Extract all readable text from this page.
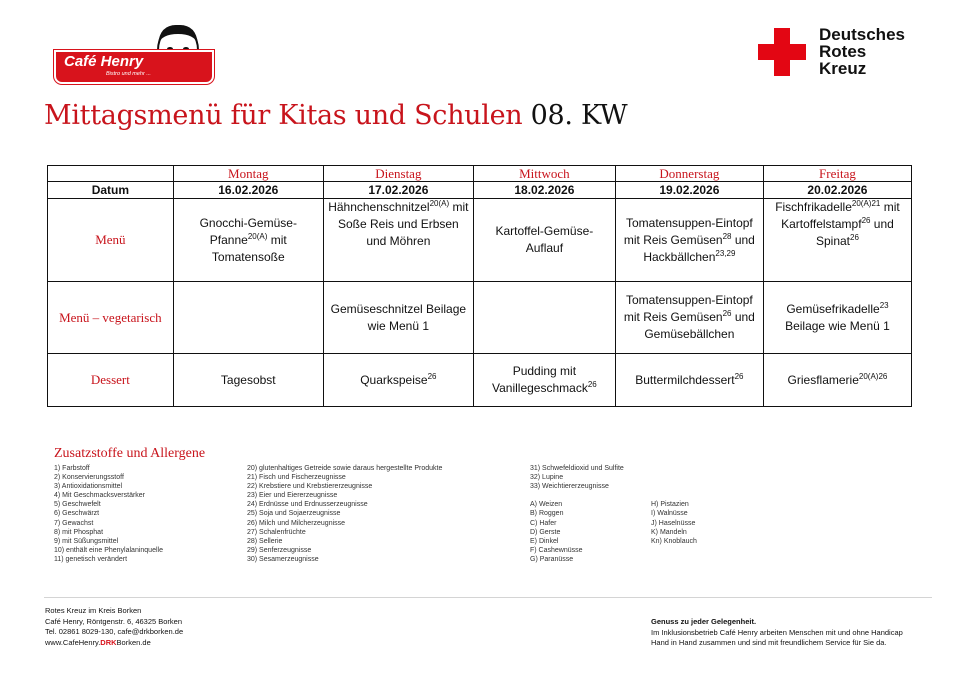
Café Henry
Bistro und mehr ...
Deutsches
Rotes
Kreuz
Mittagsmenü für Kitas und Schulen 08. KW
	Montag	Dienstag	Mittwoch	Donnerstag	Freitag
Datum	16.02.2026	17.02.2026	18.02.2026	19.02.2026	20.02.2026
Menü	Gnocchi-Gemüse-Pfanne$^{20(A)}$ mit Tomatensoße	Hähnchenschnitzel$^{20(A)}$ mit Soße Reis und Erbsen und Möhren	Kartoffel-Gemüse-Auflauf	Tomatensuppen-Eintopf mit Reis Gemüsen$^{28}$ und Hackbällchen$^{23,29}$	Fischfrikadelle$^{20(A)21}$ mit Kartoffelstampf$^{26}$ und Spinat$^{26}$
Menü – vegetarisch		Gemüseschnitzel Beilage wie Menü 1		Tomatensuppen-Eintopf mit Reis Gemüsen$^{26}$ und Gemüsebällchen	Gemüsefrikadelle$^{23}$ Beilage wie Menü 1
Dessert	Tagesobst	Quarkspeise$^{26}$	Pudding mit Vanillegeschmack$^{26}$	Buttermilchdessert$^{26}$	Griesflamerie$^{20(A)26}$
Zusatzstoffe und Allergene
1) Farbstoff
2) Konservierungsstoff
3) Antioxidationsmittel
4) Mit Geschmacksverstärker
5) Geschwefelt
6) Geschwärzt
7) Gewachst
8) mit Phosphat
9) mit Süßungsmittel
10) enthält eine Phenylalaninquelle
11) genetisch verändert
20) glutenhaltiges Getreide sowie daraus hergestellte Produkte
21) Fisch und Fischerzeugnisse
22) Krebstiere und Krebstiererzeugnisse
23) Eier und Eiererzeugnisse
24) Erdnüsse und Erdnusserzeugnisse
25) Soja und Sojaerzeugnisse
26) Milch und Milcherzeugnisse
27) Schalenfrüchte
28) Sellerie
29) Senferzeugnisse
30) Sesamerzeugnisse
31) Schwefeldioxid und Sulfite
32) Lupine
33) Weichtiererzeugnisse
A) Weizen
B) Roggen
C) Hafer
D) Gerste
E) Dinkel
F) Cashewnüsse
G) Paranüsse
H) Pistazien
I) Walnüsse
J) Haselnüsse
K) Mandeln
Kn) Knoblauch
Rotes Kreuz im Kreis Borken
Café Henry, Röntgenstr. 6, 46325 Borken
Tel. 02861 8029-130, cafe@drkborken.de
www.CafeHenry.DRKBorken.de
Genuss zu jeder Gelegenheit.
Im Inklusionsbetrieb Café Henry arbeiten Menschen mit und ohne Handicap
Hand in Hand zusammen und sind mit freundlichem Service für Sie da.
